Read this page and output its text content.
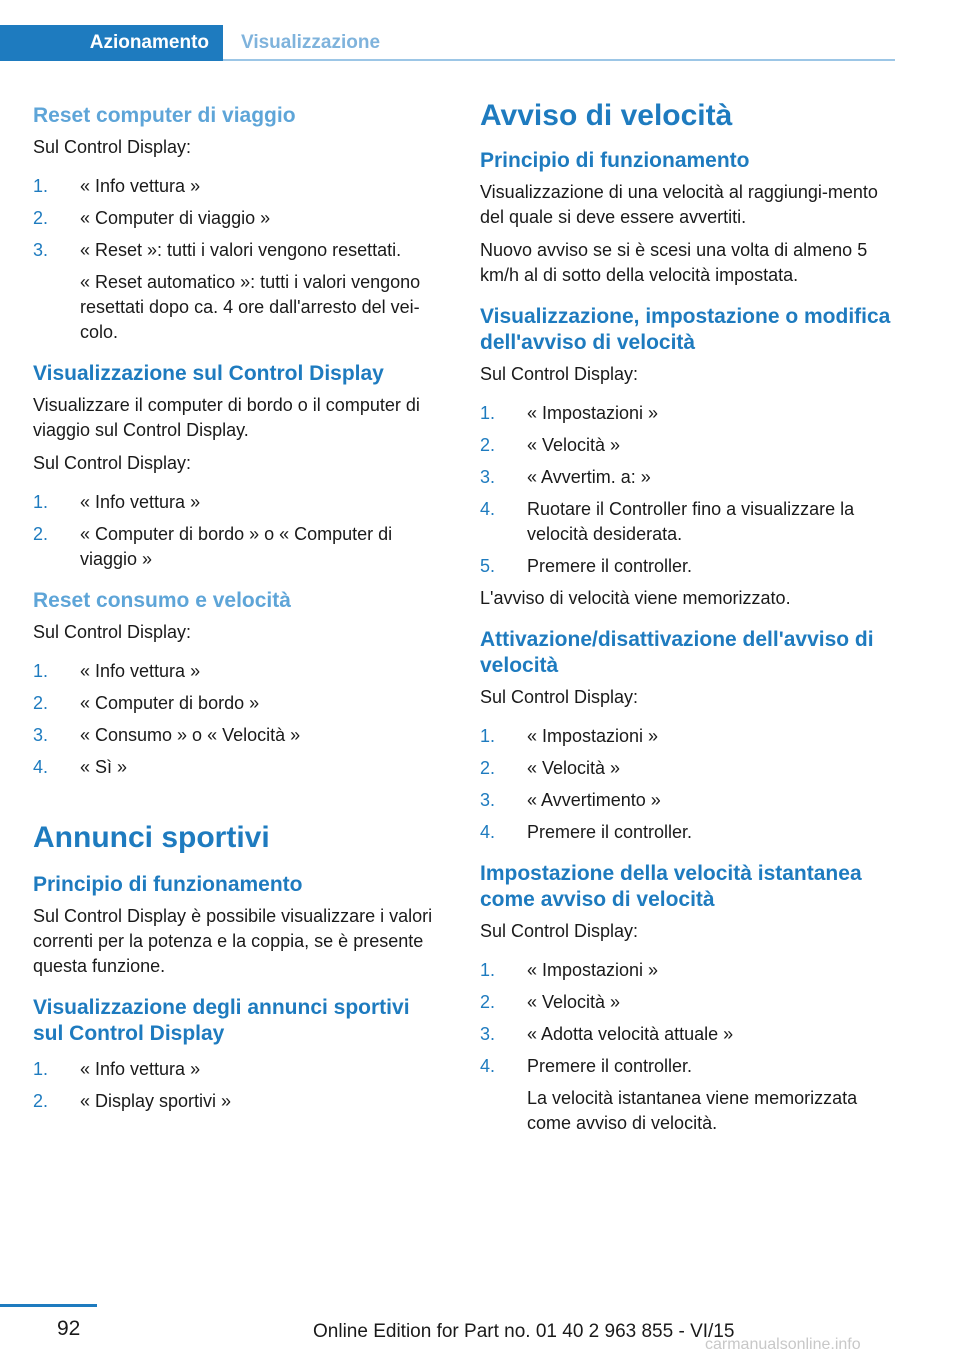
Azionamento	Visualizzazione
Reset computer di viaggio

Sul Control Display:

1. « Info vettura »
2. « Computer di viaggio »
3. « Reset »: tutti i valori vengono resettati.
« Reset automatico »: tutti i valori vengono resettati dopo ca. 4 ore dall'arresto del vei‐colo.
Visualizzazione sul Control Display

Visualizzare il computer di bordo o il computer di viaggio sul Control Display.

Sul Control Display:

1. « Info vettura »
2. « Computer di bordo » o « Computer di viaggio »
Reset consumo e velocità

Sul Control Display:

1. « Info vettura »
2. « Computer di bordo »
3. « Consumo » o « Velocità »
4. « Sì »
Annunci sportivi
Principio di funzionamento

Sul Control Display è possibile visualizzare i valori correnti per la potenza e la coppia, se è presente questa funzione.

Visualizzazione degli annunci sportivi sul Control Display
1. « Info vettura »
2. « Display sportivi »
Avviso di velocità
Principio di funzionamento

Visualizzazione di una velocità al raggiungi‐mento del quale si deve essere avvertiti.

Nuovo avviso se si è scesi una volta di almeno 5 km/h al di sotto della velocità impostata.

Visualizzazione, impostazione o modifica dell'avviso di velocità

Sul Control Display:

1. « Impostazioni »
2. « Velocità »
3. « Avvertim. a: »
4. Ruotare il Controller fino a visualizzare la velocità desiderata.
5. Premere il controller.

L'avviso di velocità viene memorizzato.

Attivazione/disattivazione dell'avviso di velocità

Sul Control Display:

1. « Impostazioni »
2. « Velocità »
3. « Avvertimento »
4. Premere il controller.
Impostazione della velocità istantanea come avviso di velocità

Sul Control Display:

1. « Impostazioni »
2. « Velocità »
3. « Adotta velocità attuale »
4. Premere il controller.
La velocità istantanea viene memorizzata come avviso di velocità.
92	Online Edition for Part no. 01 40 2 963 855 - VI/15
carmanualsonline.info
